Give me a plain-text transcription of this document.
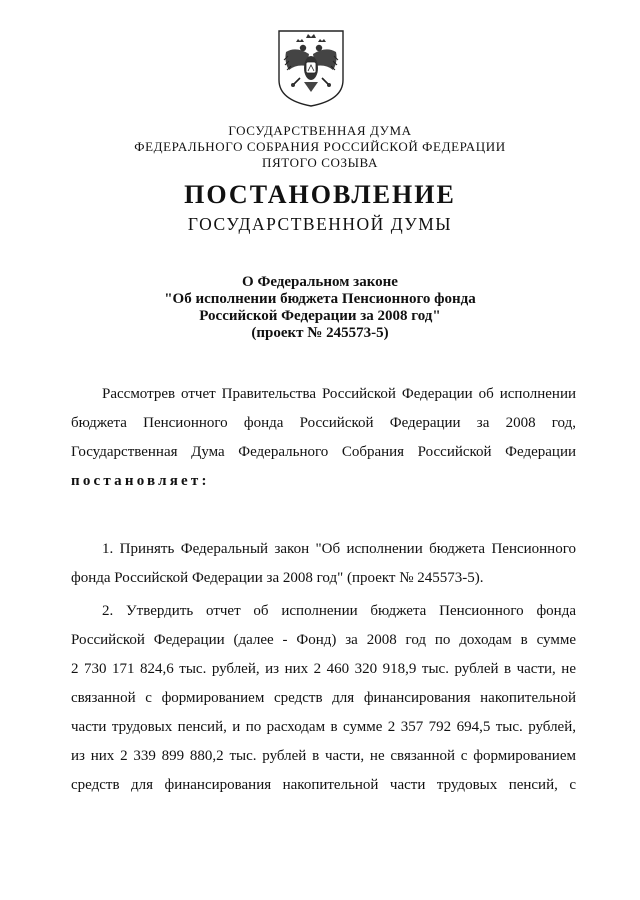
ГОСУДАРСТВЕННАЯ ДУМА
ФЕДЕРАЛЬНОГО СОБРАНИЯ РОССИЙСКОЙ ФЕДЕРАЦИИ
ПЯТОГО СОЗЫВА
ПОСТАНОВЛЕНИЕ
ГОСУДАРСТВЕННОЙ ДУМЫ
О Федеральном законе
"Об исполнении бюджета Пенсионного фонда
Российской Федерации за 2008 год"
(проект № 245573-5)
Рассмотрев отчет Правительства Российской Федерации об исполнении
бюджета Пенсионного фонда Российской Федерации за 2008 год,
Государственная Дума Федерального Собрания Российской Федерации
постановляет:
1. Принять Федеральный закон "Об исполнении бюджета Пенсионного
фонда Российской Федерации за 2008 год" (проект № 245573-5).
2. Утвердить отчет об исполнении бюджета Пенсионного фонда
Российской Федерации (далее - Фонд) за 2008 год по доходам в сумме
2 730 171 824,6 тыс. рублей, из них 2 460 320 918,9 тыс. рублей в части, не
связанной с формированием средств для финансирования накопительной
части трудовых пенсий, и по расходам в сумме 2 357 792 694,5 тыс. рублей,
из них 2 339 899 880,2 тыс. рублей в части, не связанной с формированием
средств для финансирования накопительной части трудовых пенсий, с
